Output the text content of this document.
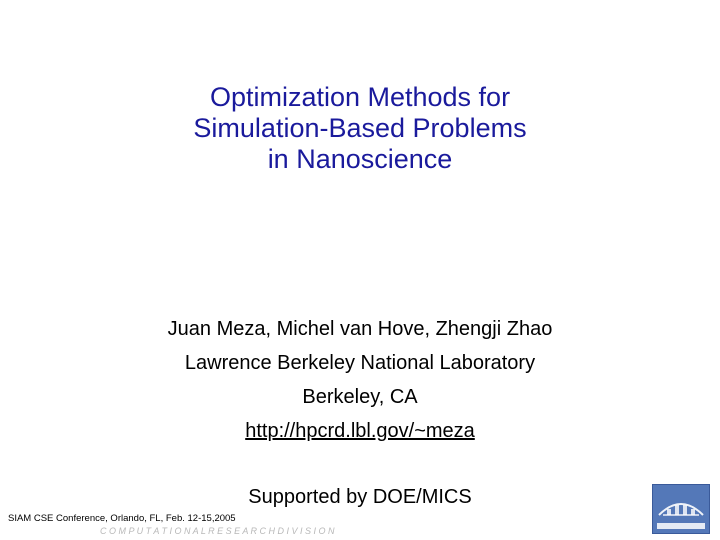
Optimization Methods for
Simulation-Based Problems
in Nanoscience
Juan Meza, Michel van Hove, Zhengji Zhao
Lawrence Berkeley National Laboratory
Berkeley, CA
http://hpcrd.lbl.gov/~meza
Supported by DOE/MICS
SIAM CSE Conference, Orlando, FL, Feb. 12-15,2005
C O M P U T A T I O N A L R E S E A R C H D I V I S I O N
